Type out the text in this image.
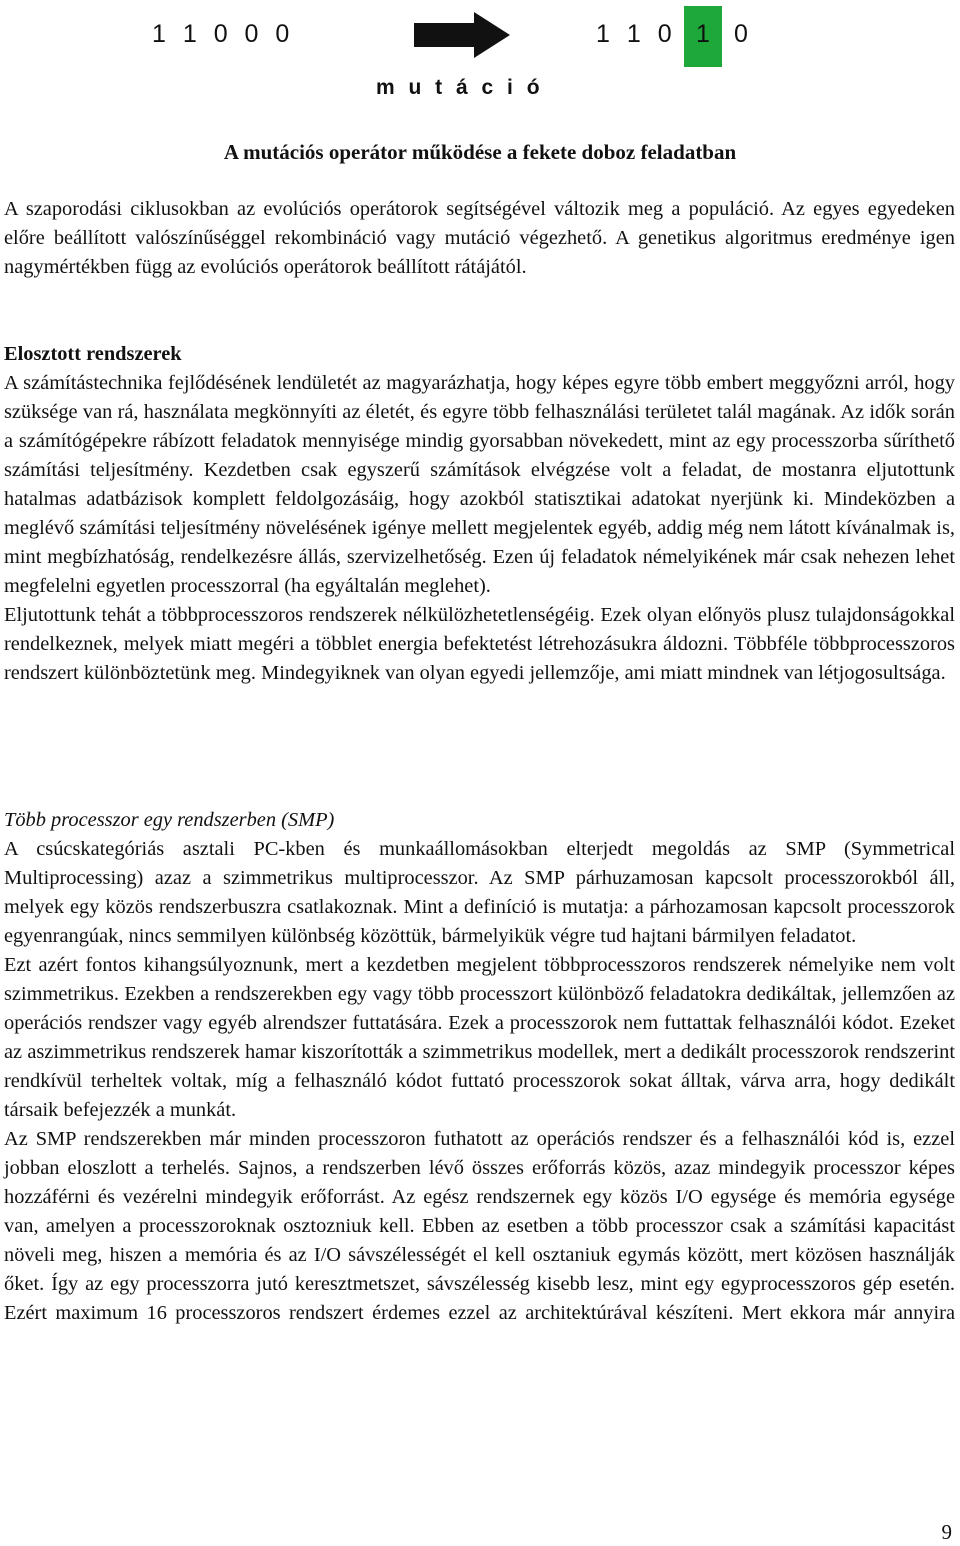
1 1 0 0 0	1 1 0 1 0
m u t á c i ó
A mutációs operátor működése a fekete doboz feladatban

A szaporodási ciklusokban az evolúciós operátorok segítségével változik meg a populáció. Az egyes egyedeken előre beállított valószínűséggel rekombináció vagy mutáció végezhető. A genetikus algoritmus eredménye igen nagymértékben függ az evolúciós operátorok beállított rátájától.

Elosztott rendszerek

A számítástechnika fejlődésének lendületét az magyarázhatja, hogy képes egyre több embert meggyőzni arról, hogy szüksége van rá, használata megkönnyíti az életét, és egyre több felhasználási területet talál magának. Az idők során a számítógépekre rábízott feladatok mennyisége mindig gyorsabban növekedett, mint az egy processzorba sűríthető számítási teljesítmény. Kezdetben csak egyszerű számítások elvégzése volt a feladat, de mostanra eljutottunk hatalmas adatbázisok komplett feldolgozásáig, hogy azokból statisztikai adatokat nyerjünk ki. Mindeközben a meglévő számítási teljesítmény növelésének igénye mellett megjelentek egyéb, addig még nem látott kívánalmak is, mint megbízhatóság, rendelkezésre állás, szervizelhetőség. Ezen új feladatok némelyikének már csak nehezen lehet megfelelni egyetlen processzorral (ha egyáltalán meglehet).

Eljutottunk tehát a többprocesszoros rendszerek nélkülözhetetlenségéig. Ezek olyan előnyös plusz tulajdonságokkal rendelkeznek, melyek miatt megéri a többlet energia befektetést létrehozásukra áldozni. Többféle többprocesszoros rendszert különböztetünk meg. Mindegyiknek van olyan egyedi jellemzője, ami miatt mindnek van létjogosultsága.

Több processzor egy rendszerben (SMP)

A csúcskategóriás asztali PC-kben és munkaállomásokban elterjedt megoldás az SMP (Symmetrical Multiprocessing) azaz a szimmetrikus multiprocesszor. Az SMP párhuzamosan kapcsolt processzorokból áll, melyek egy közös rendszerbuszra csatlakoznak. Mint a definíció is mutatja: a párhozamosan kapcsolt processzorok egyenrangúak, nincs semmilyen különbség közöttük, bármelyikük végre tud hajtani bármilyen feladatot.

Ezt azért fontos kihangsúlyoznunk, mert a kezdetben megjelent többprocesszoros rendszerek némelyike nem volt szimmetrikus. Ezekben a rendszerekben egy vagy több processzort különböző feladatokra dedikáltak, jellemzően az operációs rendszer vagy egyéb alrendszer futtatására. Ezek a processzorok nem futtattak felhasználói kódot. Ezeket az aszimmetrikus rendszerek hamar kiszorították a szimmetrikus modellek, mert a dedikált processzorok rendszerint rendkívül terheltek voltak, míg a felhasználó kódot futtató processzorok sokat álltak, várva arra, hogy dedikált társaik befejezzék a munkát.

Az SMP rendszerekben már minden processzoron futhatott az operációs rendszer és a felhasználói kód is, ezzel jobban eloszlott a terhelés. Sajnos, a rendszerben lévő összes erőforrás közös, azaz mindegyik processzor képes hozzáférni és vezérelni mindegyik erőforrást. Az egész rendszernek egy közös I/O egysége és memória egysége van, amelyen a processzoroknak osztozniuk kell. Ebben az esetben a több processzor csak a számítási kapacitást növeli meg, hiszen a memória és az I/O sávszélességét el kell osztaniuk egymás között, mert közösen használják őket. Így az egy processzorra jutó keresztmetszet, sávszélesség kisebb lesz, mint egy egyprocesszoros gép esetén. Ezért maximum 16 processzoros rendszert érdemes ezzel az architektúrával készíteni. Mert ekkora már annyira

9
